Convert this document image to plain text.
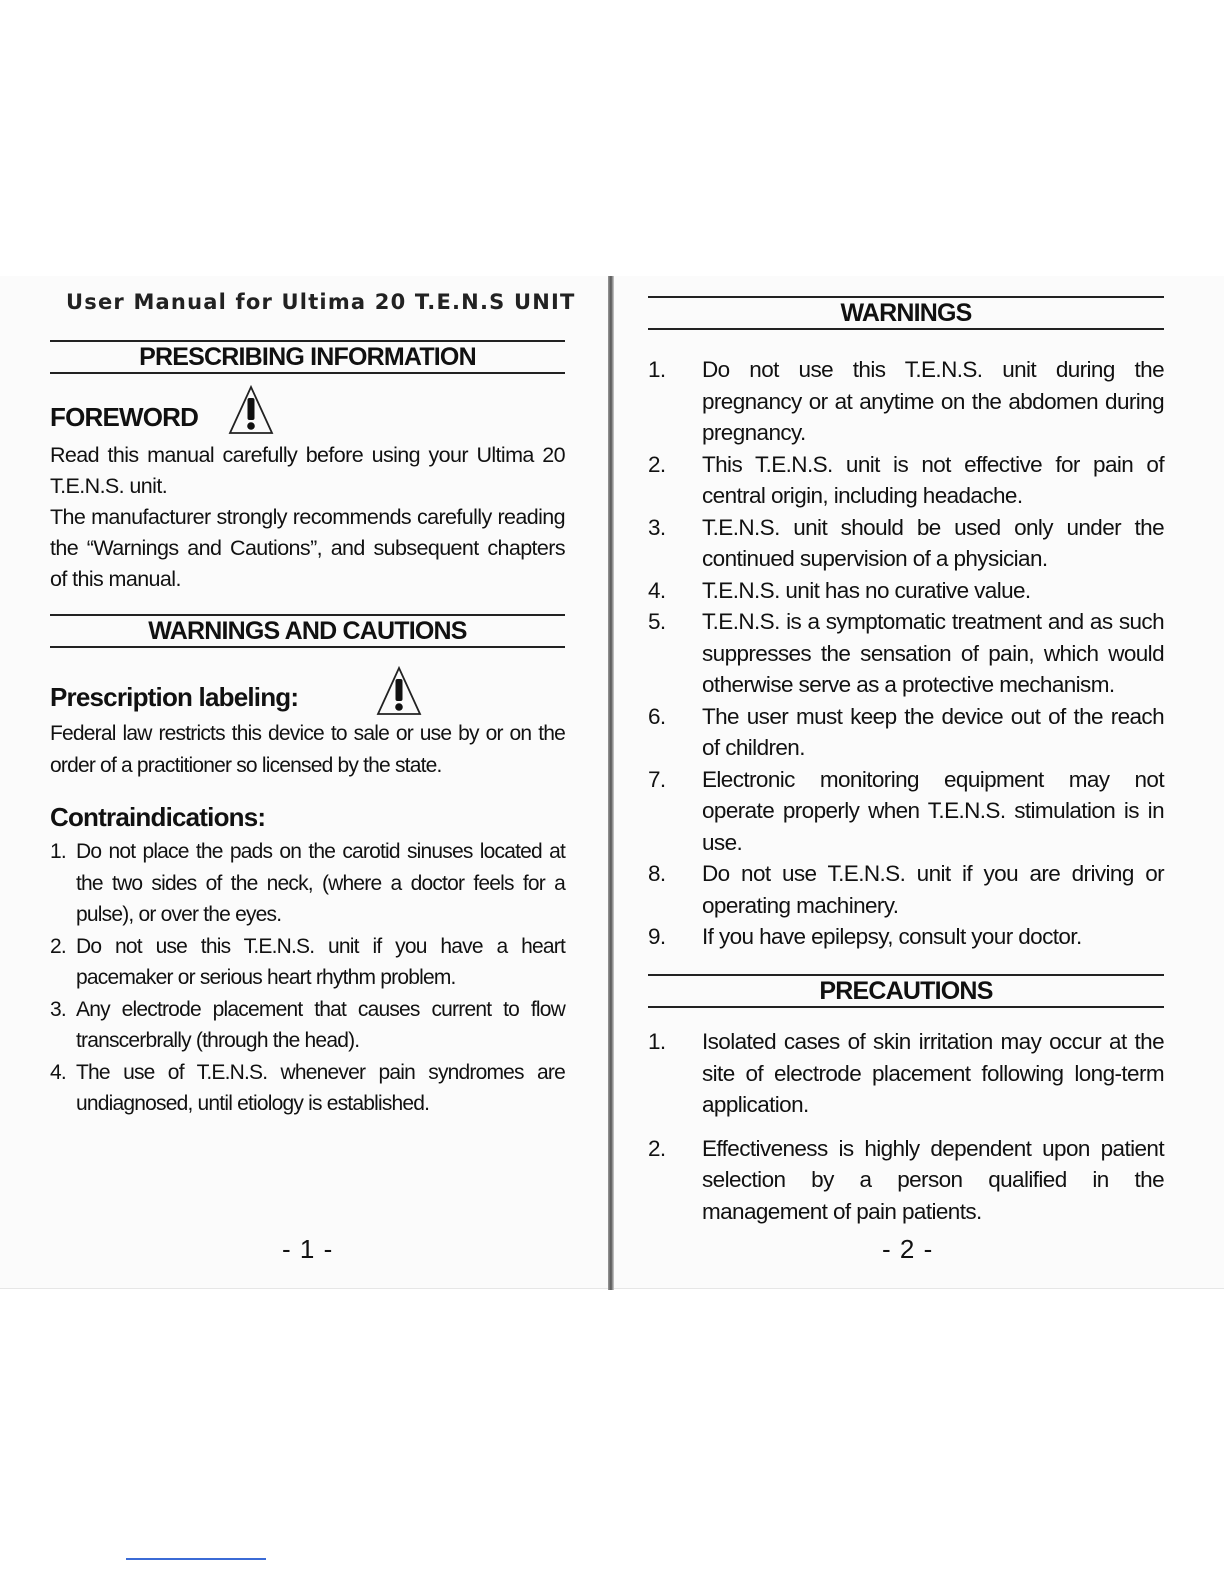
User Manual for Ultima 20 T.E.N.S UNIT
PRESCRIBING INFORMATION
FOREWORD

Read this manual carefully before using your Ultima 20 T.E.N.S. unit.

The manufacturer strongly recommends carefully reading the “Warnings and Cautions”, and subsequent chapters of this manual.

WARNINGS AND CAUTIONS
Prescription labeling:

Federal law restricts this device to sale or use by or on the order of a practitioner so licensed by the state.

Contraindications:
1. Do not place the pads on the carotid sinuses located at the two sides of the neck, (where a doctor feels for a pulse), or over the eyes.
2. Do not use this T.E.N.S. unit if you have a heart pacemaker or serious heart rhythm problem.
3. Any electrode placement that causes current to flow transcerbrally (through the head).
4. The use of T.E.N.S. whenever pain syndromes are undiagnosed, until etiology is established.

- 1 -

WARNINGS
1. Do not use this T.E.N.S. unit during the pregnancy or at anytime on the abdomen during pregnancy.
2. This T.E.N.S. unit is not effective for pain of central origin, including headache.
3. T.E.N.S. unit should be used only under the continued supervision of a physician.
4. T.E.N.S. unit has no curative value.
5. T.E.N.S. is a symptomatic treatment and as such suppresses the sensation of pain, which would otherwise serve as a protective mechanism.
6. The user must keep the device out of the reach of children.
7. Electronic monitoring equipment may not operate properly when T.E.N.S. stimulation is in use.
8. Do not use T.E.N.S. unit if you are driving or operating machinery.
9. If you have epilepsy, consult your doctor.
PRECAUTIONS
1. Isolated cases of skin irritation may occur at the site of electrode placement following long-term application.
2. Effectiveness is highly dependent upon patient selection by a person qualified in the management of pain patients.

- 2 -
